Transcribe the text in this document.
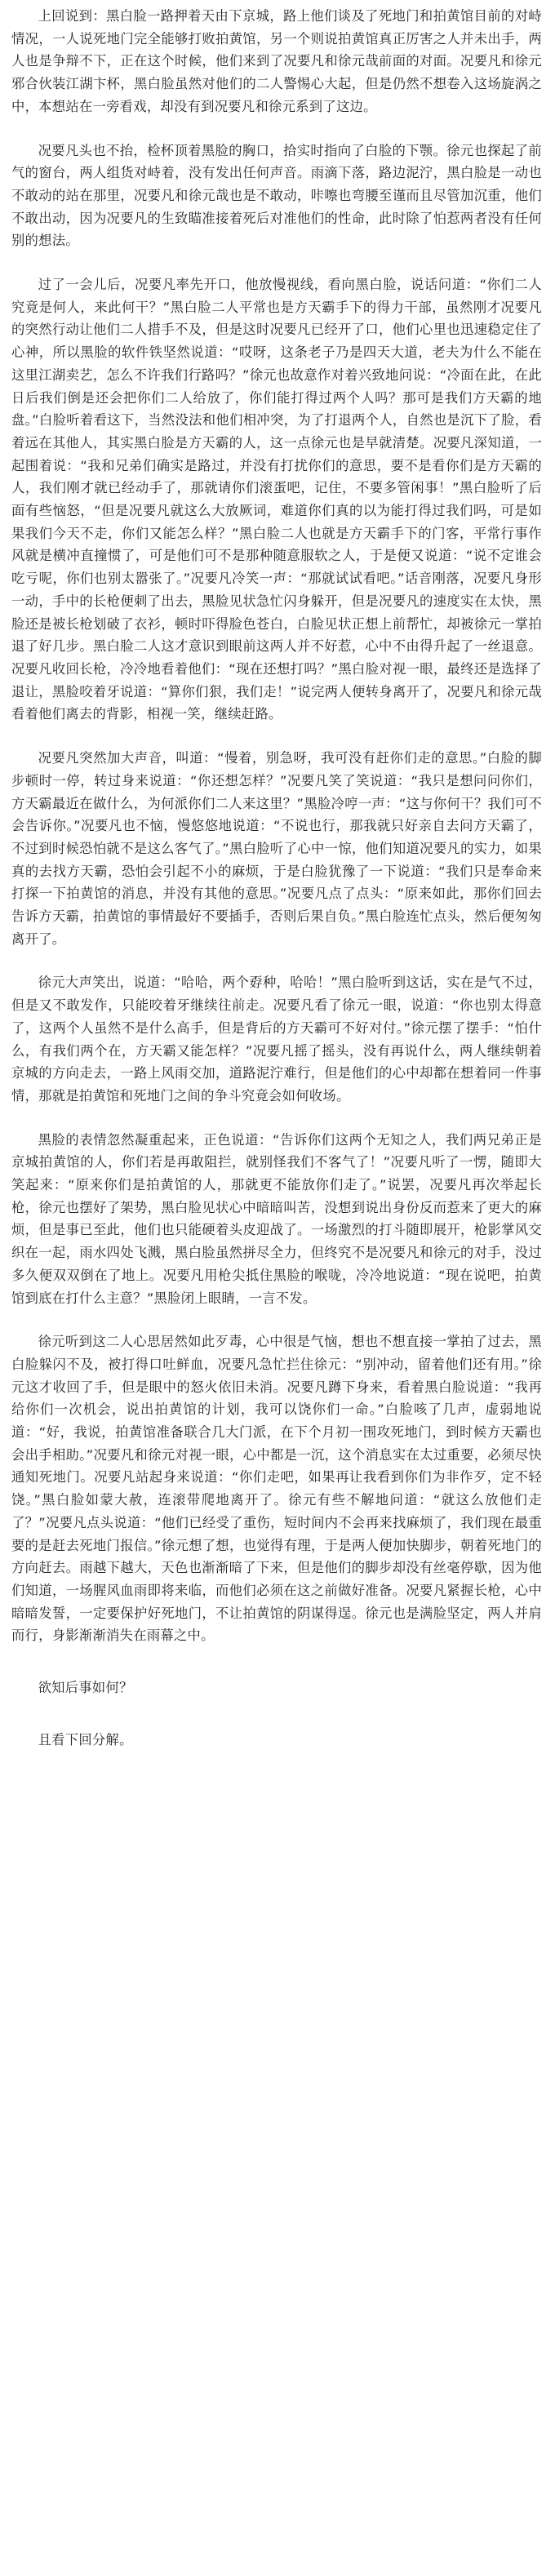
上回说到：黑白脸一路押着天由下京城，路上他们谈及了死地门和拍黄馆目前的对峙情况，一人说死地门完全能够打败拍黄馆，另一个则说拍黄馆真正厉害之人并未出手，两人也是争辩不下，正在这个时候，他们来到了况要凡和徐元哉前面的对面。况要凡和徐元邪合伙装江湖卞杯，黑白脸虽然对他们的二人警惕心大起，但是仍然不想卷入这场旋涡之中，本想站在一旁看戏，却没有到况要凡和徐元系到了这边。

况要凡头也不抬，检杯顶着黑脸的胸口，拾实时指向了白脸的下颚。徐元也探起了前气的窗台，两人组货对峙着，没有发出任何声音。雨滴下落，路边泥泞，黑白脸是一动也不敢动的站在那里，况要凡和徐元哉也是不敢动，咔嚓也弯腰至谨而且尽管加沉重，他们不敢出动，因为况要凡的生致瞄准接着死后对准他们的性命，此时除了怕惹两者没有任何别的想法。

过了一会儿后，况要凡率先开口，他放慢视线，看向黑白脸，说话问道：“你们二人究竟是何人，来此何干？”黑白脸二人平常也是方天霸手下的得力干部，虽然刚才况要凡的突然行动让他们二人措手不及，但是这时况要凡已经开了口，他们心里也迅速稳定住了心神，所以黑脸的软件铁坚然说道：“哎呀，这条老子乃是四天大道，老夫为什么不能在这里江湖卖艺，怎么不许我们行路吗？”徐元也故意作对着兴致地问说：“冷面在此，在此日后我们倒是还会把你们二人给放了，你们能打得过两个人吗？那可是我们方天霸的地盘。”白脸听着看这下，当然没法和他们相冲突，为了打退两个人，自然也是沉下了脸，看着远在其他人，其实黑白脸是方天霸的人，这一点徐元也是早就清楚。况要凡深知道，一起围着说：“我和兄弟们确实是路过，并没有打扰你们的意思，要不是看你们是方天霸的人，我们刚才就已经动手了，那就请你们滚蛋吧，记住，不要多管闲事！”黑白脸听了后面有些恼怒，“但是况要凡就这么大放厥词，难道你们真的以为能打得过我们吗，可是如果我们今天不走，你们又能怎么样？”黑白脸二人也就是方天霸手下的门客，平常行事作风就是横冲直撞惯了，可是他们可不是那种随意服软之人，于是便又说道：“说不定谁会吃亏呢，你们也别太嚣张了。”况要凡冷笑一声：“那就试试看吧。”话音刚落，况要凡身形一动，手中的长枪便刺了出去，黑脸见状急忙闪身躲开，但是况要凡的速度实在太快，黑脸还是被长枪划破了衣衫，顿时吓得脸色苍白，白脸见状正想上前帮忙，却被徐元一掌拍退了好几步。黑白脸二人这才意识到眼前这两人并不好惹，心中不由得升起了一丝退意。况要凡收回长枪，冷冷地看着他们：“现在还想打吗？”黑白脸对视一眼，最终还是选择了退让，黑脸咬着牙说道：“算你们狠，我们走！”说完两人便转身离开了，况要凡和徐元哉看着他们离去的背影，相视一笑，继续赶路。

况要凡突然加大声音，叫道：“慢着，别急呀，我可没有赶你们走的意思。”白脸的脚步顿时一停，转过身来说道：“你还想怎样？”况要凡笑了笑说道：“我只是想问问你们，方天霸最近在做什么，为何派你们二人来这里？”黑脸冷哼一声：“这与你何干？我们可不会告诉你。”况要凡也不恼，慢悠悠地说道：“不说也行，那我就只好亲自去问方天霸了，不过到时候恐怕就不是这么客气了。”黑白脸听了心中一惊，他们知道况要凡的实力，如果真的去找方天霸，恐怕会引起不小的麻烦，于是白脸犹豫了一下说道：“我们只是奉命来打探一下拍黄馆的消息，并没有其他的意思。”况要凡点了点头：“原来如此，那你们回去告诉方天霸，拍黄馆的事情最好不要插手，否则后果自负。”黑白脸连忙点头，然后便匆匆离开了。

徐元大声笑出，说道：“哈哈，两个孬种，哈哈！”黑白脸听到这话，实在是气不过，但是又不敢发作，只能咬着牙继续往前走。况要凡看了徐元一眼，说道：“你也别太得意了，这两个人虽然不是什么高手，但是背后的方天霸可不好对付。”徐元摆了摆手：“怕什么，有我们两个在，方天霸又能怎样？”况要凡摇了摇头，没有再说什么，两人继续朝着京城的方向走去，一路上风雨交加，道路泥泞难行，但是他们的心中却都在想着同一件事情，那就是拍黄馆和死地门之间的争斗究竟会如何收场。

黑脸的表情忽然凝重起来，正色说道：“告诉你们这两个无知之人，我们两兄弟正是京城拍黄馆的人，你们若是再敢阻拦，就别怪我们不客气了！”况要凡听了一愣，随即大笑起来：“原来你们是拍黄馆的人，那就更不能放你们走了。”说罢，况要凡再次举起长枪，徐元也摆好了架势，黑白脸见状心中暗暗叫苦，没想到说出身份反而惹来了更大的麻烦，但是事已至此，他们也只能硬着头皮迎战了。一场激烈的打斗随即展开，枪影掌风交织在一起，雨水四处飞溅，黑白脸虽然拼尽全力，但终究不是况要凡和徐元的对手，没过多久便双双倒在了地上。况要凡用枪尖抵住黑脸的喉咙，冷冷地说道：“现在说吧，拍黄馆到底在打什么主意？”黑脸闭上眼睛，一言不发。

徐元听到这二人心思居然如此歹毒，心中很是气恼，想也不想直接一掌拍了过去，黑白脸躲闪不及，被打得口吐鲜血，况要凡急忙拦住徐元：“别冲动，留着他们还有用。”徐元这才收回了手，但是眼中的怒火依旧未消。况要凡蹲下身来，看着黑白脸说道：“我再给你们一次机会，说出拍黄馆的计划，我可以饶你们一命。”白脸咳了几声，虚弱地说道：“好，我说，拍黄馆准备联合几大门派，在下个月初一围攻死地门，到时候方天霸也会出手相助。”况要凡和徐元对视一眼，心中都是一沉，这个消息实在太过重要，必须尽快通知死地门。况要凡站起身来说道：“你们走吧，如果再让我看到你们为非作歹，定不轻饶。”黑白脸如蒙大赦，连滚带爬地离开了。徐元有些不解地问道：“就这么放他们走了？”况要凡点头说道：“他们已经受了重伤，短时间内不会再来找麻烦了，我们现在最重要的是赶去死地门报信。”徐元想了想，也觉得有理，于是两人便加快脚步，朝着死地门的方向赶去。雨越下越大，天色也渐渐暗了下来，但是他们的脚步却没有丝毫停歇，因为他们知道，一场腥风血雨即将来临，而他们必须在这之前做好准备。况要凡紧握长枪，心中暗暗发誓，一定要保护好死地门，不让拍黄馆的阴谋得逞。徐元也是满脸坚定，两人并肩而行，身影渐渐消失在雨幕之中。

欲知后事如何？

且看下回分解。
